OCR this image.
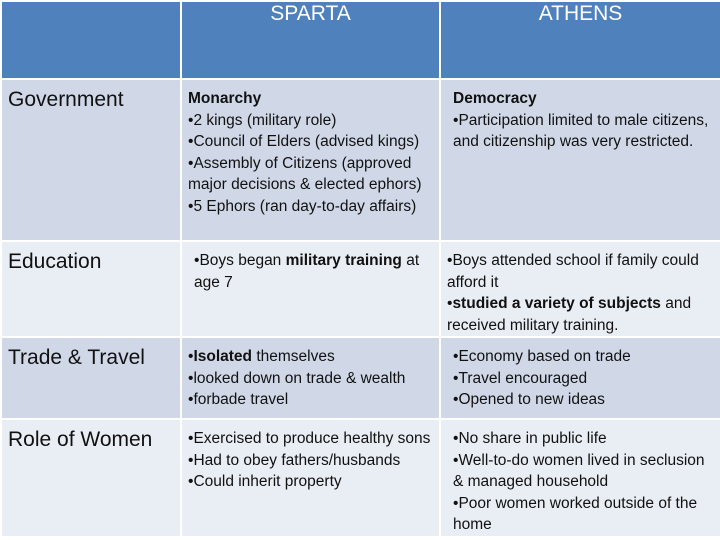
	SPARTA	ATHENS
Government	Monarchy
• 2 kings (military role)
• Council of Elders (advised kings)
• Assembly of Citizens (approved major decisions & elected ephors)
• 5 Ephors (ran day-to-day affairs)	Democracy
• Participation limited to male citizens, and citizenship was very restricted.

Education	• Boys began military training at age 7	• Boys attended school if family could afford it
• studied a variety of subjects and received military training.

Trade & Travel	• Isolated themselves
• looked down on trade & wealth
• forbade travel	• Economy based on trade
• Travel encouraged
• Opened to new ideas

Role of Women	• Exercised to produce healthy sons
• Had to obey fathers/husbands
• Could inherit property	• No share in public life
• Well-to-do women lived in seclusion & managed household
• Poor women worked outside of the home
